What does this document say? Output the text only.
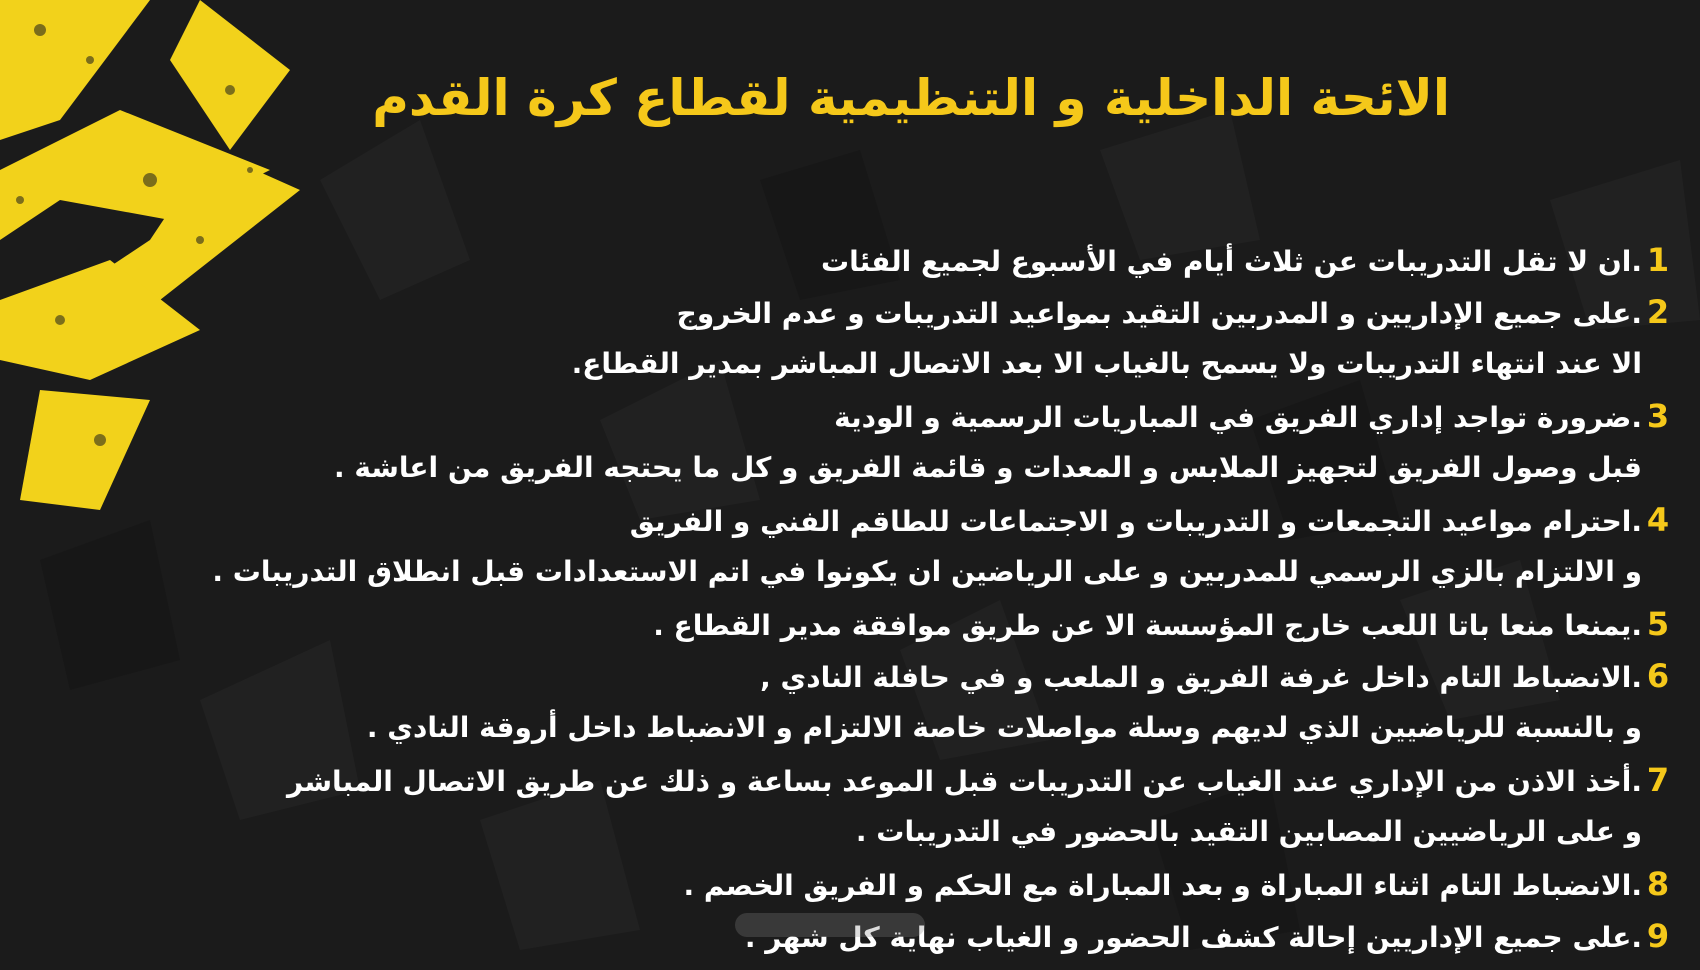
الائحة الداخلية و التنظيمية لقطاع كرة القدم
1.ان لا تقل التدريبات عن ثلاث أيام في الأسبوع لجميع الفئات
2.على جميع الإداريين و المدربين التقيد بمواعيد التدريبات و عدم الخروج
الا عند انتهاء التدريبات ولا يسمح بالغياب الا بعد الاتصال المباشر بمدير القطاع.
3.ضرورة تواجد إداري الفريق في المباريات الرسمية و الودية
قبل وصول الفريق لتجهيز الملابس و المعدات و قائمة الفريق و كل ما يحتجه الفريق من اعاشة .
4.احترام مواعيد التجمعات و التدريبات و الاجتماعات للطاقم الفني و الفريق
و الالتزام بالزي الرسمي للمدربين و على الرياضين ان يكونوا في اتم الاستعدادات قبل انطلاق التدريبات .
5.يمنعا منعا باتا اللعب خارج المؤسسة الا عن طريق موافقة مدير القطاع .
6.الانضباط التام داخل غرفة الفريق و الملعب و في حافلة النادي ,
و بالنسبة للرياضيين الذي لديهم وسلة مواصلات خاصة الالتزام و الانضباط داخل أروقة النادي .
7.أخذ الاذن من الإداري عند الغياب عن التدريبات قبل الموعد بساعة و ذلك عن طريق الاتصال المباشر
و على الرياضيين المصابين التقيد بالحضور في التدريبات .
8.الانضباط التام اثناء المباراة و بعد المباراة مع الحكم و الفريق الخصم .
9.على جميع الإداريين إحالة كشف الحضور و الغياب نهاية كل شهر .
